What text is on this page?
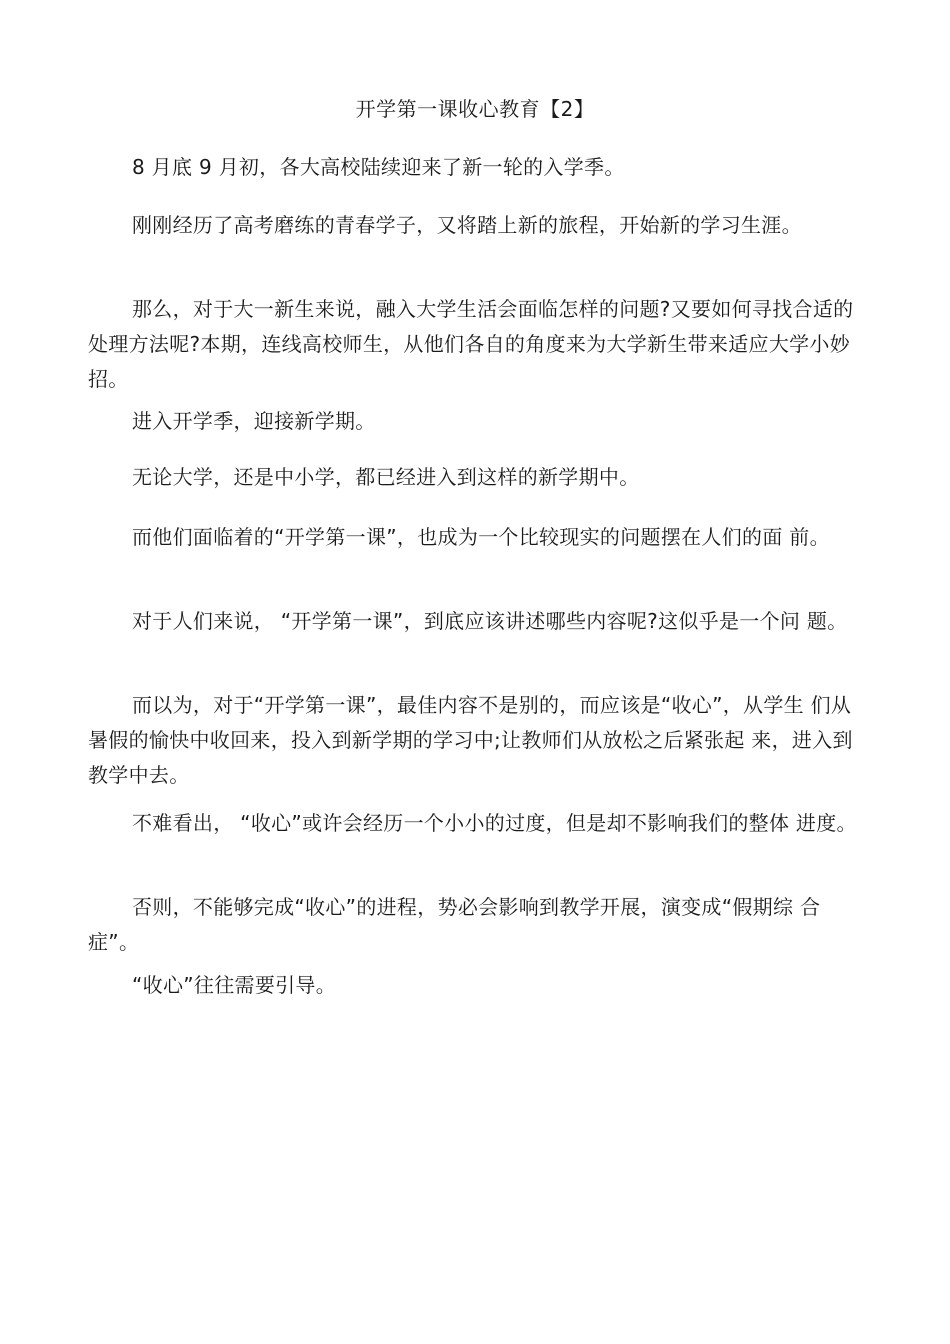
开学第一课收心教育【2】
8 月底 9 月初，各大高校陆续迎来了新一轮的入学季。
刚刚经历了高考磨练的青春学子，又将踏上新的旅程，开始新的学习生涯。
那么，对于大一新生来说，融入大学生活会面临怎样的问题?又要如何寻找合适的处理方法呢?本期，连线高校师生，从他们各自的角度来为大学新生带来适应大学小妙招。
进入开学季，迎接新学期。
无论大学，还是中小学，都已经进入到这样的新学期中。
而他们面临着的“开学第一课”，也成为一个比较现实的问题摆在人们的面 前。
对于人们来说， “开学第一课”，到底应该讲述哪些内容呢?这似乎是一个问 题。
而以为，对于“开学第一课”，最佳内容不是别的，而应该是“收心”，从学生 们从暑假的愉快中收回来，投入到新学期的学习中;让教师们从放松之后紧张起 来，进入到教学中去。
不难看出， “收心”或许会经历一个小小的过度，但是却不影响我们的整体 进度。
否则，不能够完成“收心”的进程，势必会影响到教学开展，演变成“假期综 合症”。
“收心”往往需要引导。
